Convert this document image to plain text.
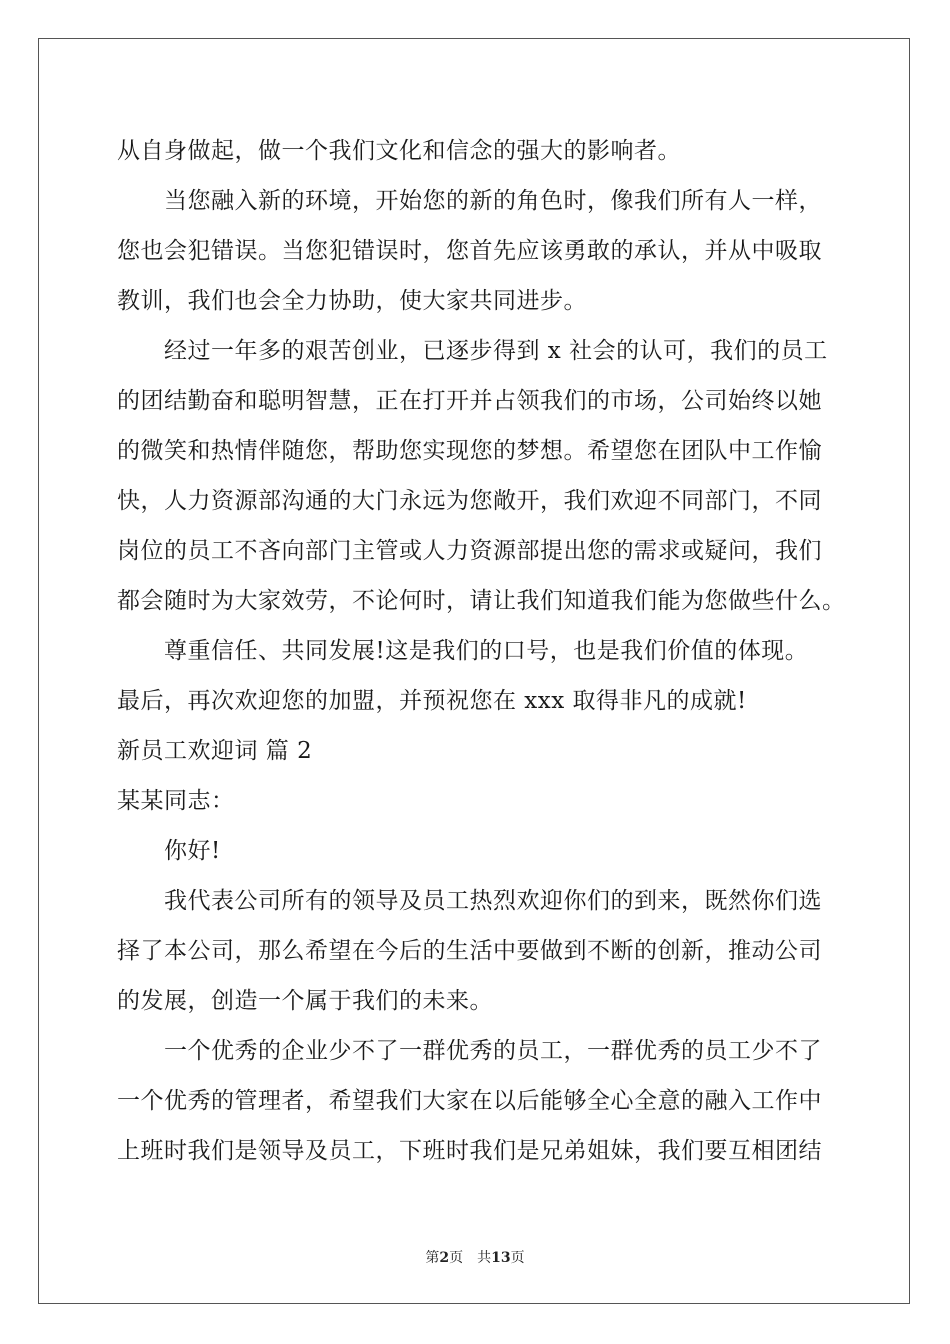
从自身做起，做一个我们文化和信念的强大的影响者。
当您融入新的环境，开始您的新的角色时，像我们所有人一样，
您也会犯错误。当您犯错误时，您首先应该勇敢的承认，并从中吸取
教训，我们也会全力协助，使大家共同进步。
经过一年多的艰苦创业，已逐步得到 x 社会的认可，我们的员工
的团结勤奋和聪明智慧，正在打开并占领我们的市场，公司始终以她
的微笑和热情伴随您，帮助您实现您的梦想。希望您在团队中工作愉
快，人力资源部沟通的大门永远为您敞开，我们欢迎不同部门，不同
岗位的员工不吝向部门主管或人力资源部提出您的需求或疑问，我们
都会随时为大家效劳，不论何时，请让我们知道我们能为您做些什么。
尊重信任、共同发展!这是我们的口号，也是我们价值的体现。
最后，再次欢迎您的加盟，并预祝您在 xxx 取得非凡的成就!
新员工欢迎词 篇 2
某某同志：
你好!
我代表公司所有的领导及员工热烈欢迎你们的到来，既然你们选
择了本公司，那么希望在今后的生活中要做到不断的创新，推动公司
的发展，创造一个属于我们的未来。
一个优秀的企业少不了一群优秀的员工，一群优秀的员工少不了
一个优秀的管理者，希望我们大家在以后能够全心全意的融入工作中
上班时我们是领导及员工，下班时我们是兄弟姐妹，我们要互相团结
第2页 共13页
